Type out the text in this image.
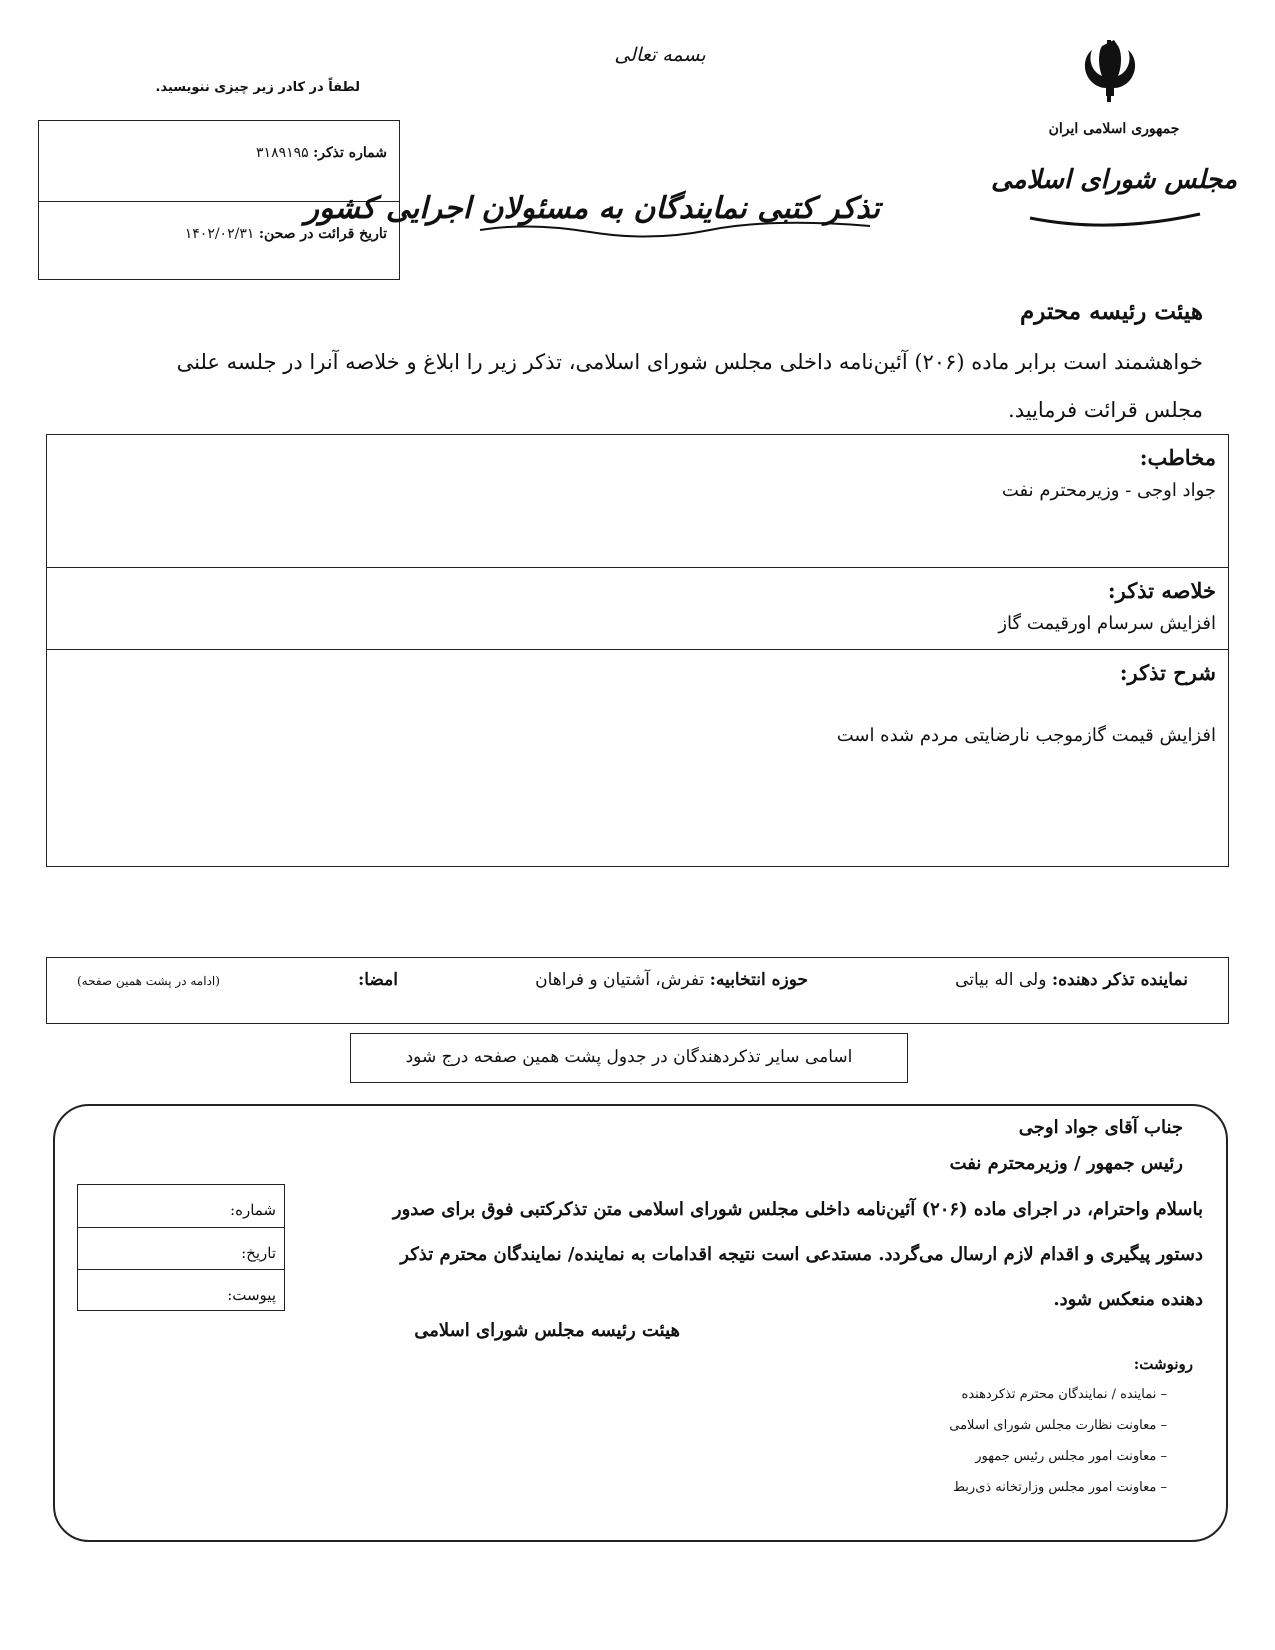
بسمه تعالی
لطفاً در کادر زیر چیزی ننویسید.
شماره تذکر: ۳۱۸۹۱۹۵
تاریخ قرائت در صحن: ۱۴۰۲/۰۲/۳۱
تذکر کتبی نمایندگان به مسئولان اجرایی کشور
جمهوری اسلامی ایران
مجلس شورای اسلامی
هیئت رئیسه محترم
خواهشمند است برابر ماده (۲۰۶) آئین‌نامه داخلی مجلس شورای اسلامی، تذکر زیر را ابلاغ و خلاصه آنرا در جلسه علنی مجلس قرائت فرمایید.
مخاطب:
جواد اوجی - وزیرمحترم نفت
خلاصه تذکر:
افزایش سرسام اورقیمت گاز
شرح تذکر:
افزایش قیمت گازموجب نارضایتی مردم شده است
نماینده تذکر دهنده: ولی اله بیاتی
حوزه انتخابیه: تفرش، آشتیان و فراهان
امضا:
(ادامه در پشت همین صفحه)
اسامی سایر تذکردهندگان در جدول پشت همین صفحه درج شود
شماره:
تاریخ:
پیوست:
جناب آقای جواد اوجی
رئیس جمهور / وزیرمحترم نفت
باسلام واحترام، در اجرای ماده (۲۰۶) آئین‌نامه داخلی مجلس شورای اسلامی متن تذکرکتبی فوق برای صدور دستور پیگیری و اقدام لازم ارسال می‌گردد. مستدعی است نتیجه اقدامات به نماینده/ نمایندگان محترم تذکر دهنده منعکس شود.
هیئت رئیسه مجلس شورای اسلامی
رونوشت:
– نماینده / نمایندگان محترم تذکردهنده
– معاونت نظارت مجلس شورای اسلامی
– معاونت امور مجلس رئیس جمهور
– معاونت امور مجلس وزارتخانه ذی‌ربط
